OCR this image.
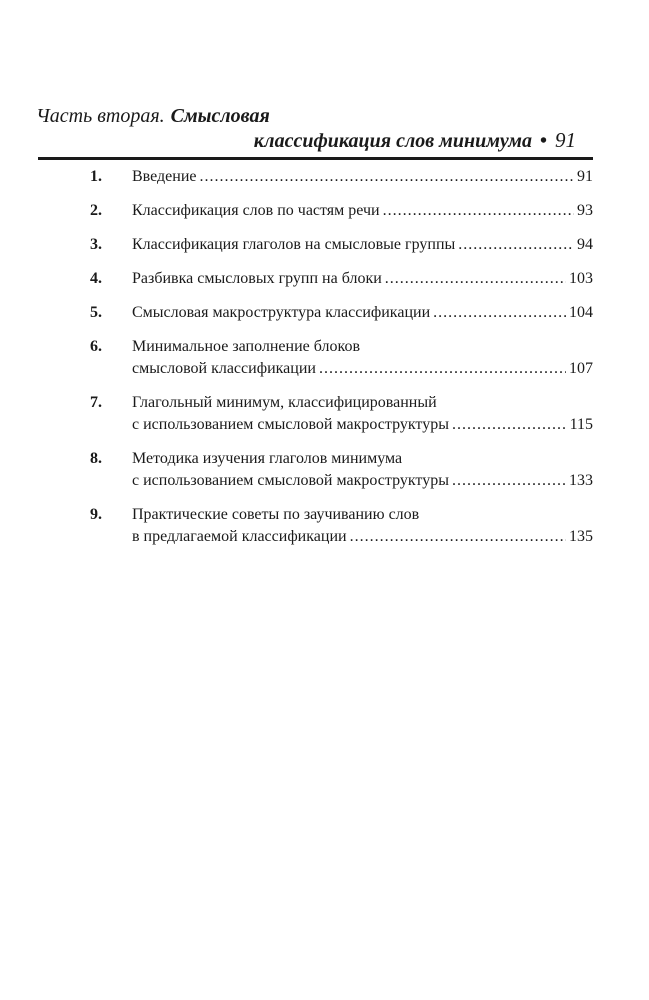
Часть вторая. Смысловая
классификация слов минимума • 91
1.	Введение .....	91
2.	Классификация слов по частям речи .....	93
3.	Классификация глаголов на смысловые группы .....	94
4.	Разбивка смысловых групп на блоки .....	103
5.	Смысловая макроструктура классификации .....	104
6.	Минимальное заполнение блоков
смысловой классификации .....	107
7.	Глагольный минимум, классифицированный
с использованием смысловой макроструктуры .....	115
8.	Методика изучения глаголов минимума
с использованием смысловой макроструктуры .....	133
9.	Практические советы по заучиванию слов
в предлагаемой классификации .....	135
